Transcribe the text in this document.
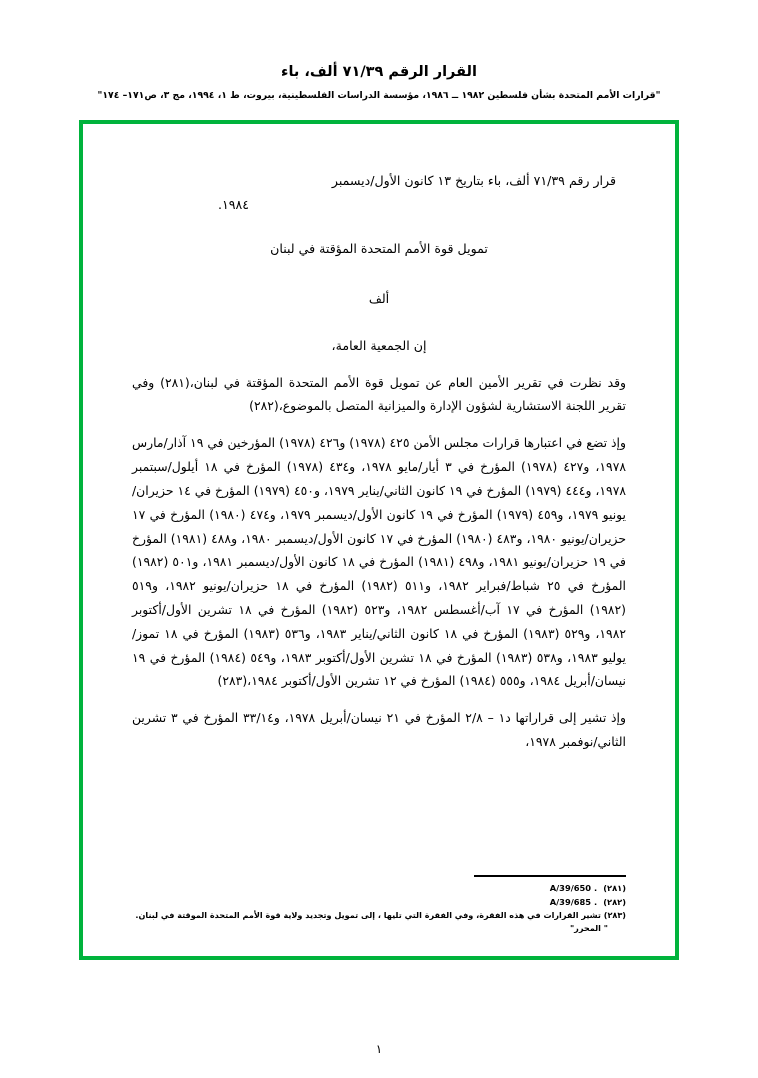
القرار الرقم ٧١/٣٩ ألف، باء
"قرارات الأمم المتحدة بشأن فلسطين ١٩٨٢ ــ ١٩٨٦، مؤسسة الدراسات الفلسطينية، بيروت، ط ١، ١٩٩٤، مج ٣، ص١٧١– ١٧٤"
قرار رقم ٧١/٣٩ ألف، باء بتاريخ ١٣ كانون الأول/ديسمبر
١٩٨٤.
تمويل قوة الأمم المتحدة المؤقتة في لبنان
ألف
إن الجمعية العامة،

وقد نظرت في تقرير الأمين العام عن تمويل قوة الأمم المتحدة المؤقتة في لبنان،(٢٨١) وفي تقرير اللجنة الاستشارية لشؤون الإدارة والميزانية المتصل بالموضوع،(٢٨٢)

وإذ تضع في اعتبارها قرارات مجلس الأمن ٤٢٥ (١٩٧٨) و٤٢٦ (١٩٧٨) المؤرخين في ١٩ آذار/مارس ١٩٧٨، و٤٢٧ (١٩٧٨) المؤرخ في ٣ أيار/مايو ١٩٧٨، و٤٣٤ (١٩٧٨) المؤرخ في ١٨ أيلول/سبتمبر ١٩٧٨، و٤٤٤ (١٩٧٩) المؤرخ في ١٩ كانون الثاني/يناير ١٩٧٩، و٤٥٠ (١٩٧٩) المؤرخ في ١٤ حزيران/يونيو ١٩٧٩، و٤٥٩ (١٩٧٩) المؤرخ في ١٩ كانون الأول/ديسمبر ١٩٧٩، و٤٧٤ (١٩٨٠) المؤرخ في ١٧ حزيران/يونيو ١٩٨٠، و٤٨٣ (١٩٨٠) المؤرخ في ١٧ كانون الأول/ديسمبر ١٩٨٠، و٤٨٨ (١٩٨١) المؤرخ في ١٩ حزيران/يونيو ١٩٨١، و٤٩٨ (١٩٨١) المؤرخ في ١٨ كانون الأول/ديسمبر ١٩٨١، و٥٠١ (١٩٨٢) المؤرخ في ٢٥ شباط/فبراير ١٩٨٢، و٥١١ (١٩٨٢) المؤرخ في ١٨ حزيران/يونيو ١٩٨٢، و٥١٩ (١٩٨٢) المؤرخ في ١٧ آب/أغسطس ١٩٨٢، و٥٢٣ (١٩٨٢) المؤرخ في ١٨ تشرين الأول/أكتوبر ١٩٨٢، و٥٢٩ (١٩٨٣) المؤرخ في ١٨ كانون الثاني/يناير ١٩٨٣، و٥٣٦ (١٩٨٣) المؤرخ في ١٨ تموز/يوليو ١٩٨٣، و٥٣٨ (١٩٨٣) المؤرخ في ١٨ تشرين الأول/أكتوبر ١٩٨٣، و٥٤٩ (١٩٨٤) المؤرخ في ١٩ نيسان/أبريل ١٩٨٤، و٥٥٥ (١٩٨٤) المؤرخ في ١٢ تشرين الأول/أكتوبر ١٩٨٤،(٢٨٣)

وإذ تشير إلى قراراتها د‍١ – ٢/٨ المؤرخ في ٢١ نيسان/أبريل ١٩٧٨، و٣٣/١٤ المؤرخ في ٣ تشرين الثاني/نوفمبر ١٩٧٨،

(٢٨١) A/39/650 .
(٢٨٢) A/39/685 .
(٢٨٣) تشير القرارات في هذه الفقرة، وفي الفقرة التي تليها ، إلى تمويل وتجديد ولاية قوة الأمم المتحدة الموقتة في لبنان. " المحرر"
١
